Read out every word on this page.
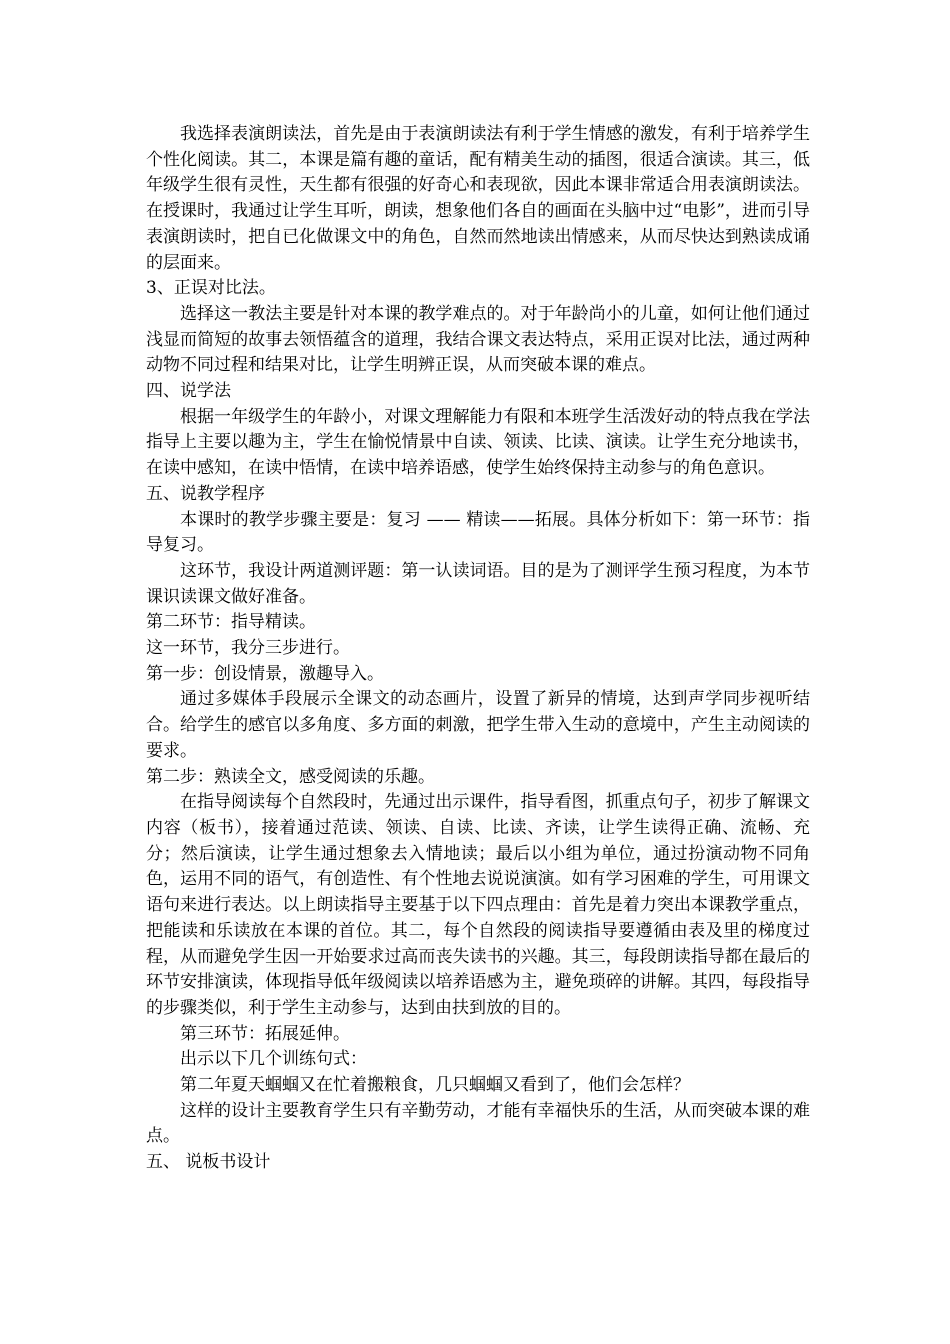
我选择表演朗读法，首先是由于表演朗读法有利于学生情感的激发，有利于培养学生个性化阅读。其二，本课是篇有趣的童话，配有精美生动的插图，很适合演读。其三，低年级学生很有灵性，天生都有很强的好奇心和表现欲，因此本课非常适合用表演朗读法。在授课时，我通过让学生耳听，朗读，想象他们各自的画面在头脑中过“电影”，进而引导表演朗读时，把自已化做课文中的角色，自然而然地读出情感来，从而尽快达到熟读成诵的层面来。

3、正误对比法。

选择这一教法主要是针对本课的教学难点的。对于年龄尚小的儿童，如何让他们通过浅显而简短的故事去领悟蕴含的道理，我结合课文表达特点，采用正误对比法，通过两种动物不同过程和结果对比，让学生明辨正误，从而突破本课的难点。

四、说学法

根据一年级学生的年龄小，对课文理解能力有限和本班学生活泼好动的特点我在学法指导上主要以趣为主，学生在愉悦情景中自读、领读、比读、演读。让学生充分地读书，在读中感知，在读中悟情，在读中培养语感，使学生始终保持主动参与的角色意识。

五、说教学程序

本课时的教学步骤主要是：复习 —— 精读——拓展。具体分析如下：第一环节：指导复习。

这环节，我设计两道测评题：第一认读词语。目的是为了测评学生预习程度，为本节课识读课文做好准备。

第二环节：指导精读。

这一环节，我分三步进行。

第一步：创设情景，激趣导入。

通过多媒体手段展示全课文的动态画片，设置了新异的情境，达到声学同步视听结合。给学生的感官以多角度、多方面的刺激，把学生带入生动的意境中，产生主动阅读的要求。

第二步：熟读全文，感受阅读的乐趣。

在指导阅读每个自然段时，先通过出示课件，指导看图，抓重点句子，初步了解课文内容（板书），接着通过范读、领读、自读、比读、齐读，让学生读得正确、流畅、充分；然后演读，让学生通过想象去入情地读；最后以小组为单位，通过扮演动物不同角色，运用不同的语气，有创造性、有个性地去说说演演。如有学习困难的学生，可用课文语句来进行表达。以上朗读指导主要基于以下四点理由：首先是着力突出本课教学重点，把能读和乐读放在本课的首位。其二，每个自然段的阅读指导要遵循由表及里的梯度过程，从而避免学生因一开始要求过高而丧失读书的兴趣。其三，每段朗读指导都在最后的环节安排演读，体现指导低年级阅读以培养语感为主，避免琐碎的讲解。其四，每段指导的步骤类似，利于学生主动参与，达到由扶到放的目的。

第三环节：拓展延伸。

出示以下几个训练句式：

第二年夏天蝈蝈又在忙着搬粮食，几只蝈蝈又看到了，他们会怎样？

这样的设计主要教育学生只有辛勤劳动，才能有幸福快乐的生活，从而突破本课的难点。

五、 说板书设计
